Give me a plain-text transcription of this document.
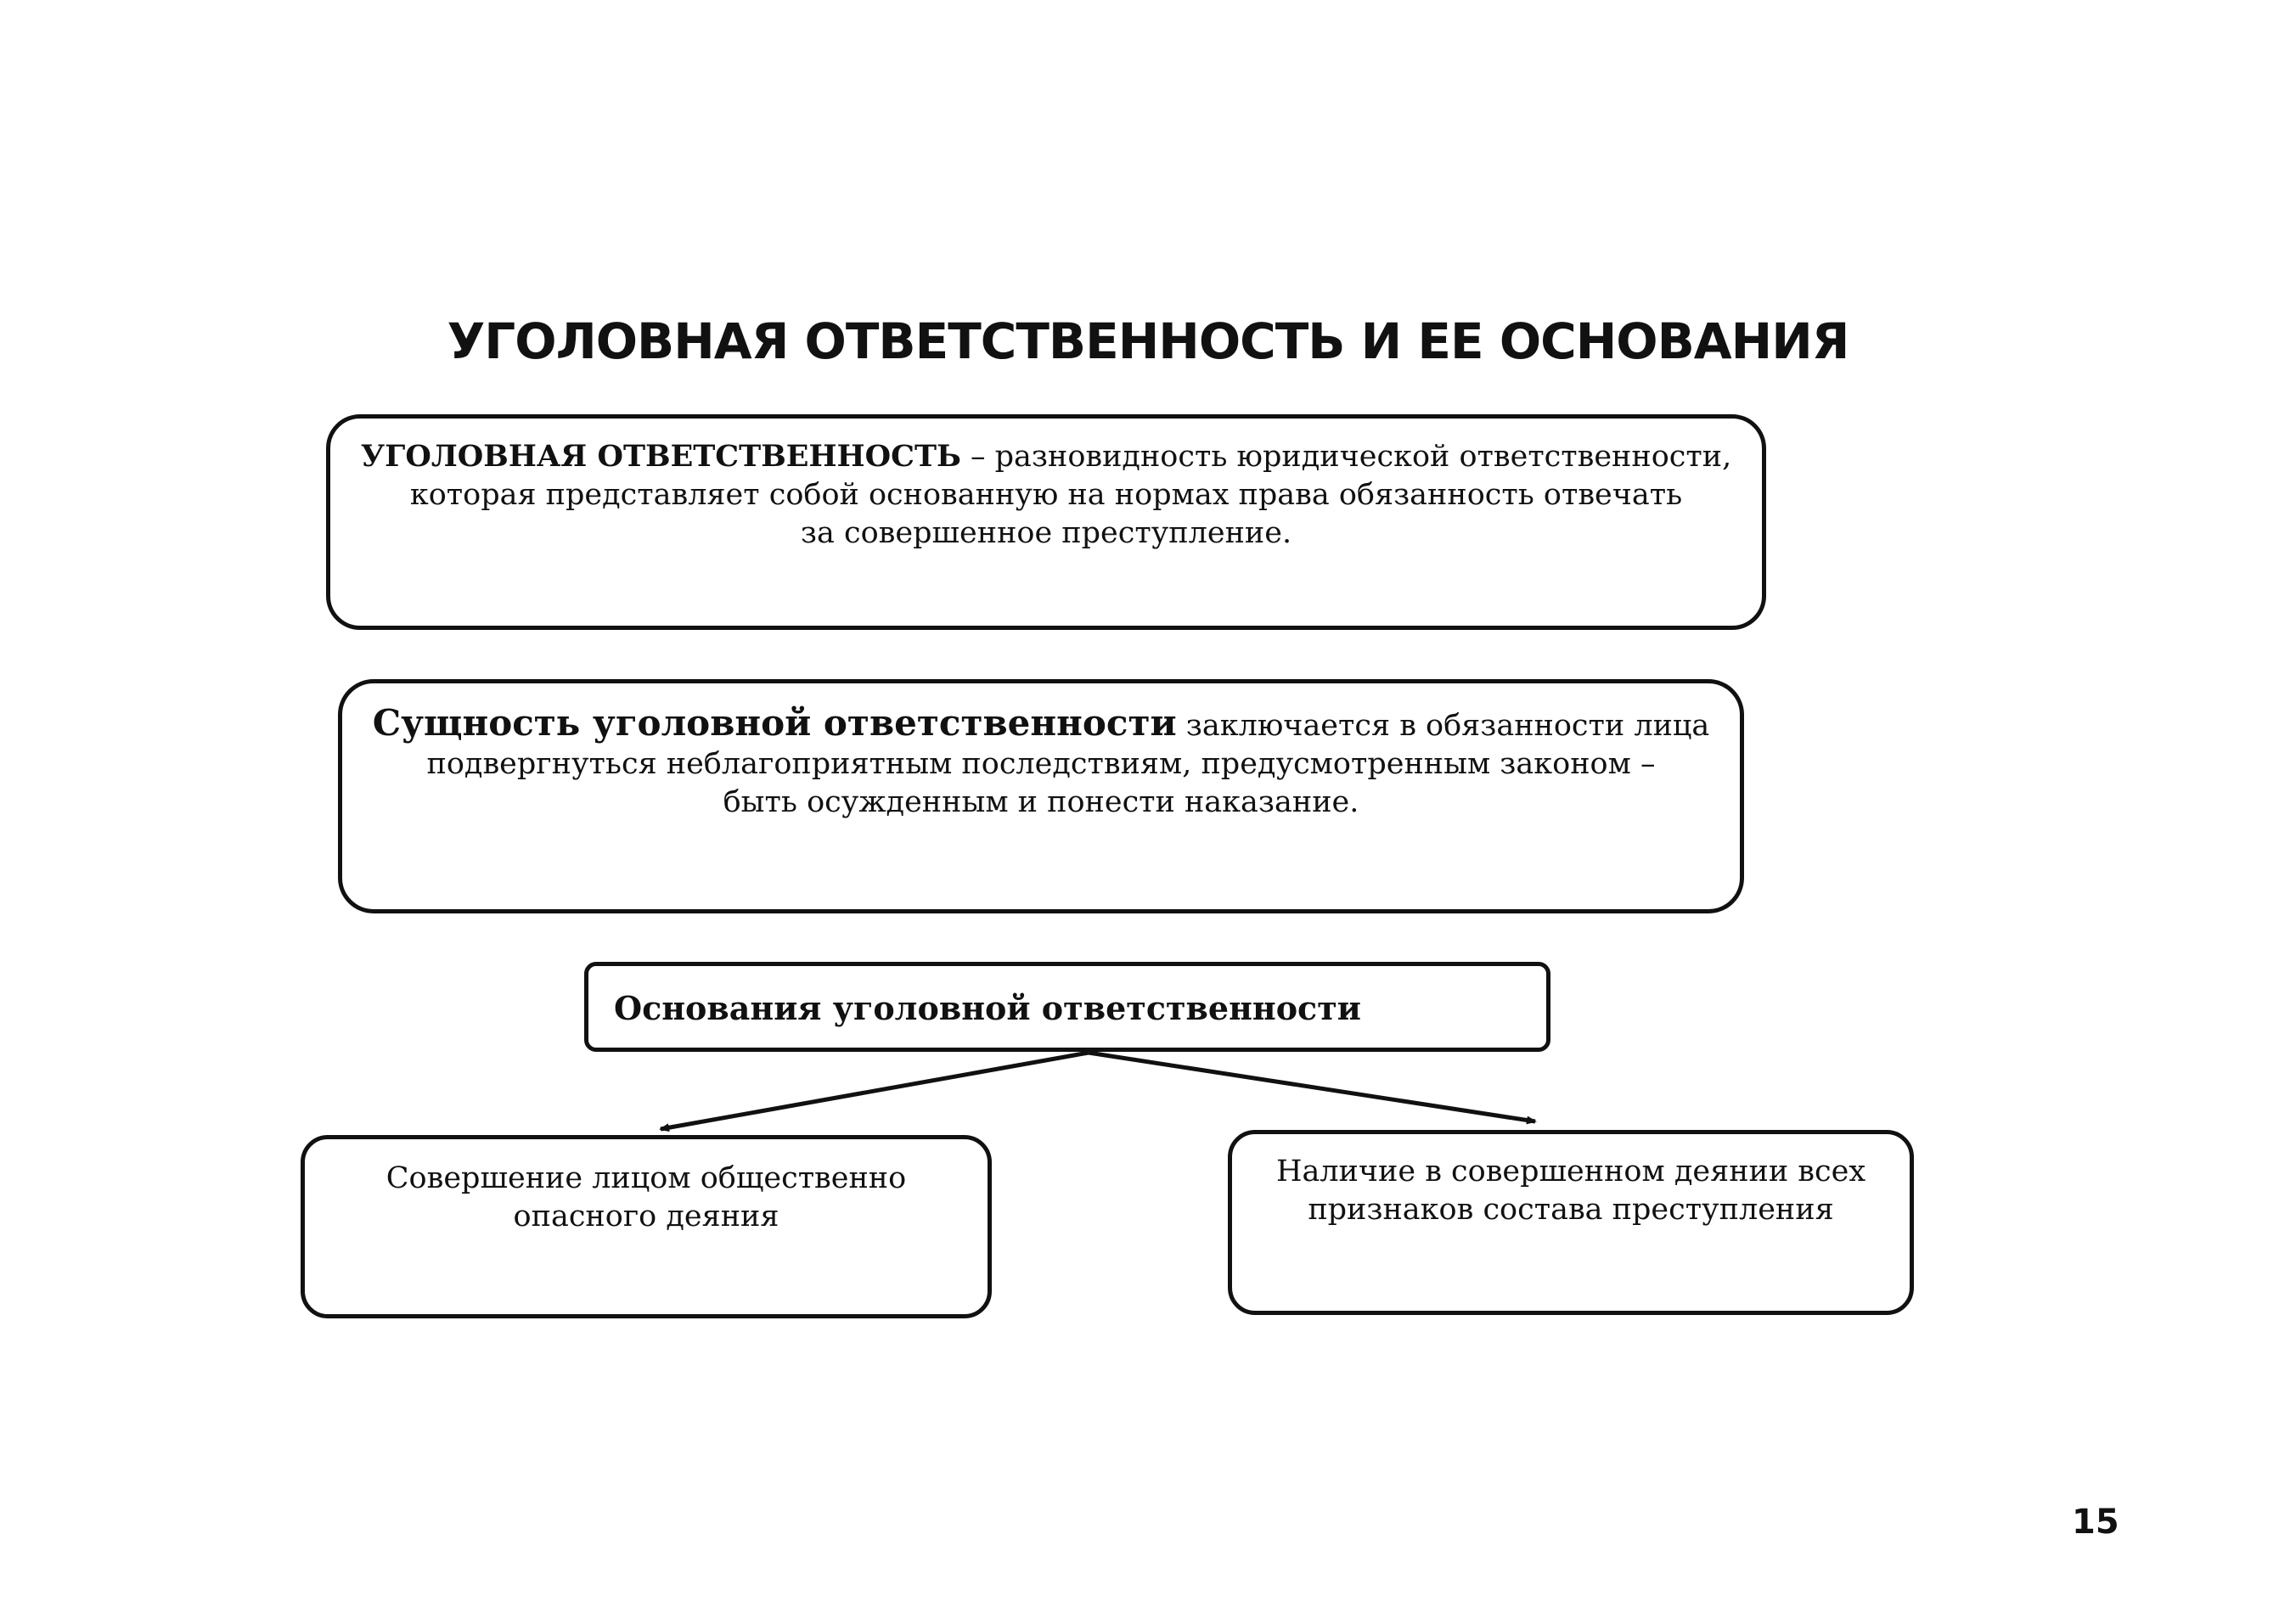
УГОЛОВНАЯ ОТВЕТСТВЕННОСТЬ И ЕЕ ОСНОВАНИЯ
УГОЛОВНАЯ ОТВЕТСТВЕННОСТЬ – разновидность юридической ответственности,
которая представляет собой основанную на нормах права обязанность отвечать
за совершенное преступление.
Сущность уголовной ответственности заключается в обязанности лица
подвергнуться неблагоприятным последствиям, предусмотренным законом –
быть осужденным и понести наказание.
Основания уголовной ответственности
Совершение лицом общественно
опасного деяния
Наличие в совершенном деянии всех
признаков состава преступления
15
